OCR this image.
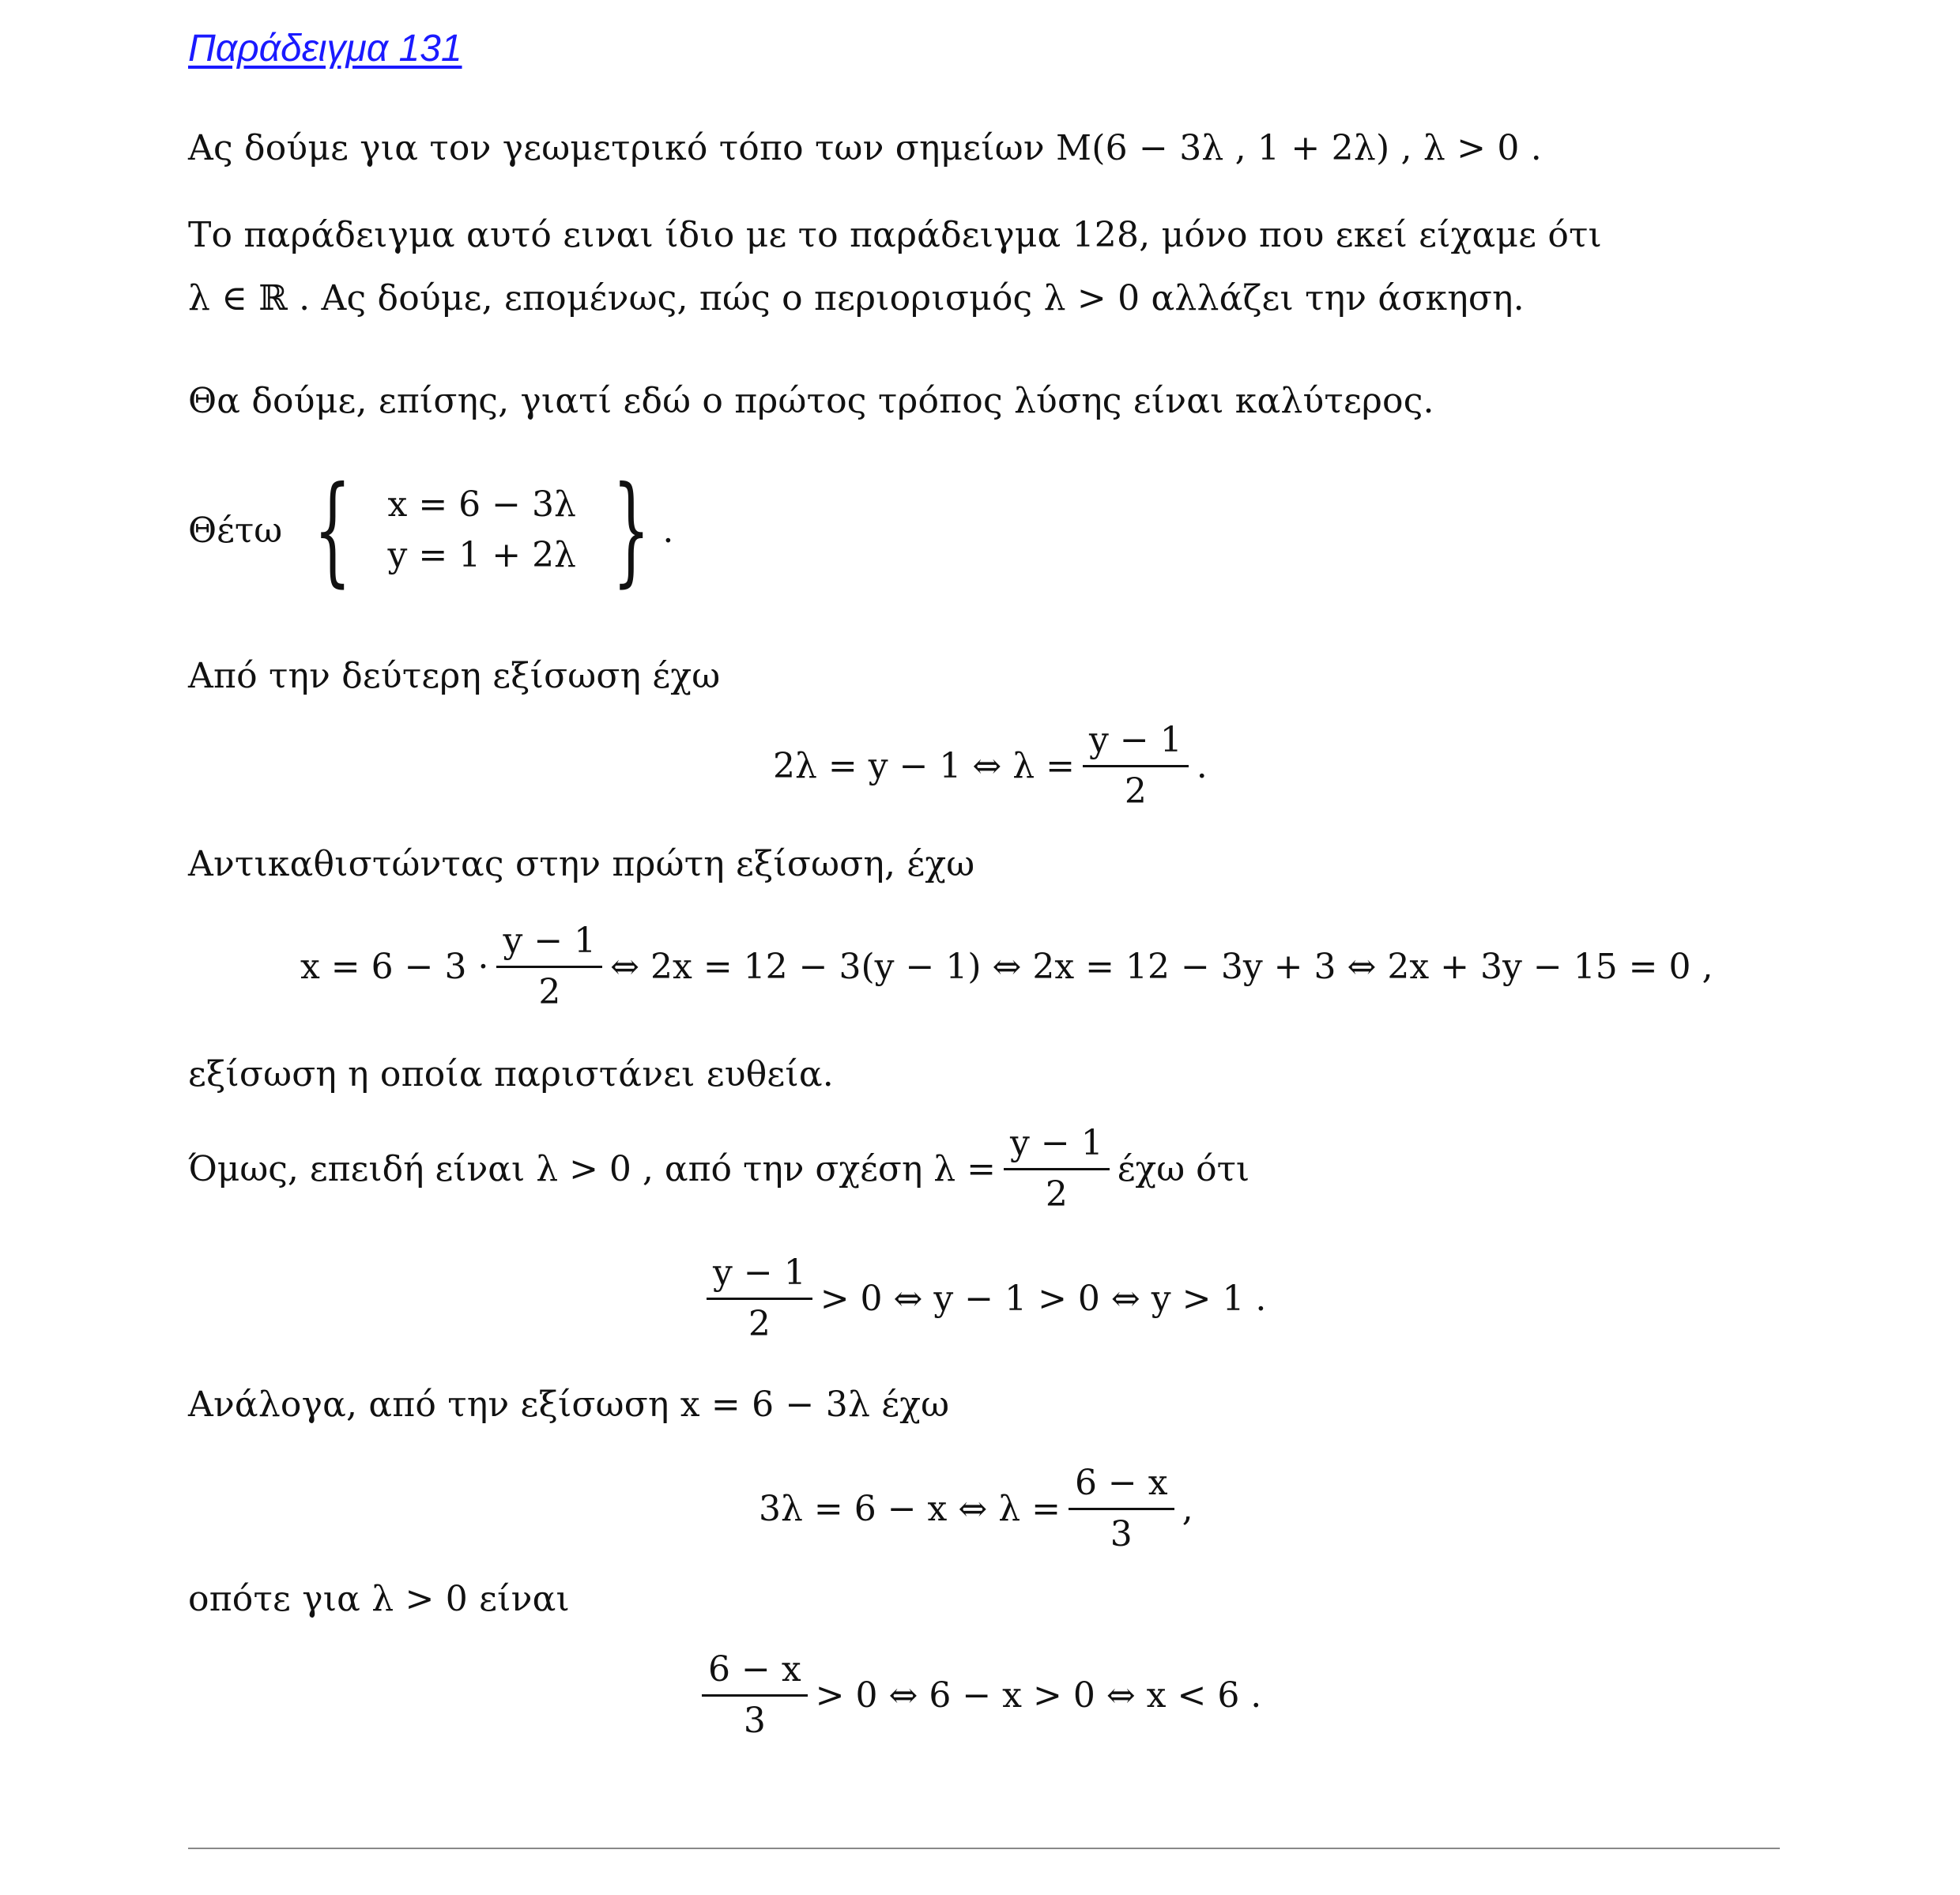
Παράδειγμα 131
Ας δούμε για τον γεωμετρικό τόπο των σημείων M(6 − 3λ , 1 + 2λ) , λ > 0 .
Το παράδειγμα αυτό ειναι ίδιο με το παράδειγμα 128, μόνο που εκεί είχαμε ότι
λ ∈ ℝ . Ας δούμε, επομένως, πώς ο περιορισμός λ > 0 αλλάζει την άσκηση.
Θα δούμε, επίσης, γιατί εδώ ο πρώτος τρόπος λύσης είναι καλύτερος.
Θέτω {	x = 6 − 3λ
y = 1 + 2λ } .
Από την δεύτερη εξίσωση έχω
2λ = y − 1 ⇔ $\lambda = \frac{y - 1}{2}$ .
Αντικαθιστώντας στην πρώτη εξίσωση, έχω
$x = 6 - 3 \cdot \frac{y - 1}{2}$ ⇔ 2x = 12 − 3(y − 1) ⇔ 2x = 12 − 3y + 3 ⇔ 2x + 3y − 15 = 0 ,
εξίσωση η οποία παριστάνει ευθεία.
Όμως, επειδή είναι λ > 0 , από την σχέση $\lambda = \frac{y - 1}{2}$ έχω ότι
$\frac{y - 1}{2} > 0$ ⇔ y − 1 > 0 ⇔ y > 1 .
Ανάλογα, από την εξίσωση x = 6 − 3λ έχω
3λ = 6 − x ⇔ $\lambda = \frac{6 - x}{3}$ ,
οπότε για λ > 0 είναι
$\frac{6 - x}{3} > 0$ ⇔ 6 − x > 0 ⇔ x < 6 .
